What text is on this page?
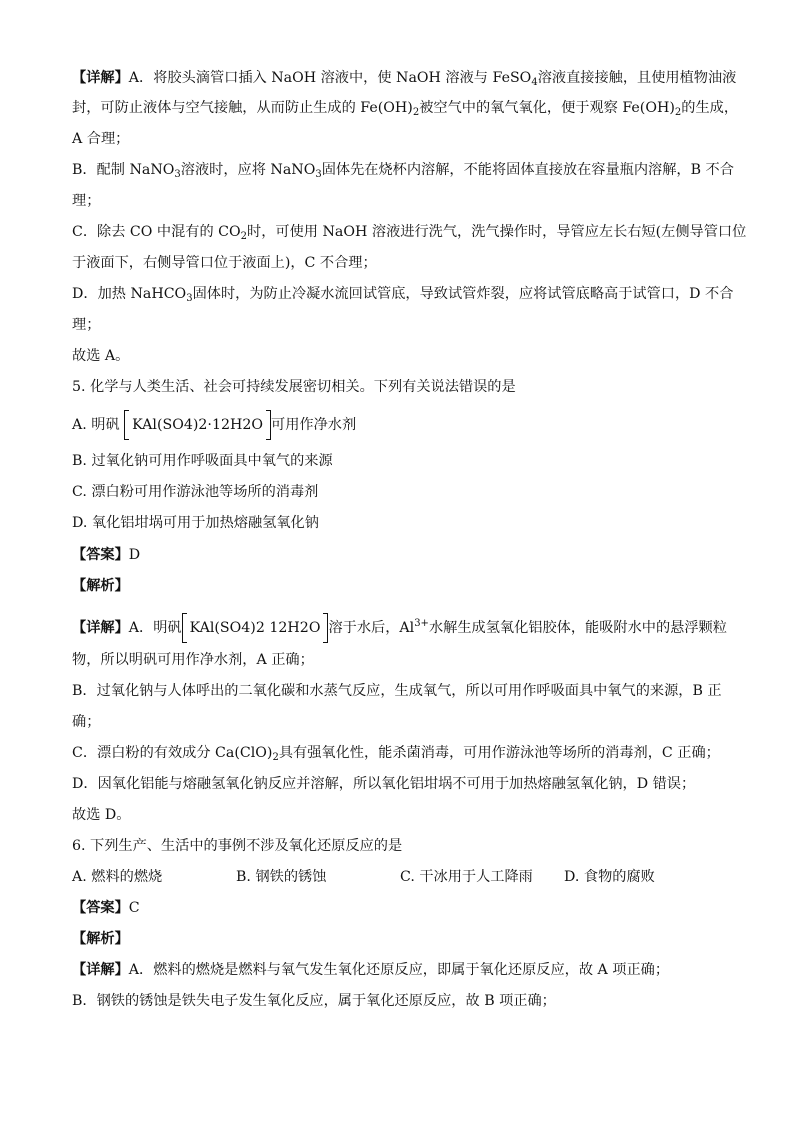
【详解】A．将胶头滴管口插入 NaOH 溶液中，使 NaOH 溶液与 FeSO$_4$溶液直接接触，且使用植物油液
封，可防止液体与空气接触，从而防止生成的 $Fe(OH)_2$被空气中的氧气氧化，便于观察 $Fe(OH)_2$的生成，
A 合理；
B．配制 NaNO$_3$溶液时，应将 NaNO$_3$固体先在烧杯内溶解，不能将固体直接放在容量瓶内溶解，B 不合
理；
C．除去 CO 中混有的 $CO_2$时，可使用 NaOH 溶液进行洗气，洗气操作时，导管应左长右短(左侧导管口位
于液面下，右侧导管口位于液面上)，C 不合理；
D．加热 NaHCO$_3$固体时，为防止冷凝水流回试管底，导致试管炸裂，应将试管底略高于试管口，D 不合
理；
故选 A。
5. 化学与人类生活、社会可持续发展密切相关。下列有关说法错误的是
A. 明矾 KAl(SO4)2·12H2O 可用作净水剂
B. 过氧化钠可用作呼吸面具中氧气的来源
C. 漂白粉可用作游泳池等场所的消毒剂
D. 氧化铝坩埚可用于加热熔融氢氧化钠
【答案】D
【解析】
【详解】A．明矾 KAl(SO4)2 12H2O 溶于水后，$Al^{3+}$水解生成氢氧化铝胶体，能吸附水中的悬浮颗粒
物，所以明矾可用作净水剂，A 正确；
B．过氧化钠与人体呼出的二氧化碳和水蒸气反应，生成氧气，所以可用作呼吸面具中氧气的来源，B 正
确；
C．漂白粉的有效成分 $Ca(ClO)_2$具有强氧化性，能杀菌消毒，可用作游泳池等场所的消毒剂，C 正确；
D．因氧化铝能与熔融氢氧化钠反应并溶解，所以氧化铝坩埚不可用于加热熔融氢氧化钠，D 错误；
故选 D。
6. 下列生产、生活中的事例不涉及氧化还原反应的是
A. 燃料的燃烧	B. 钢铁的锈蚀	C. 干冰用于人工降雨 D. 食物的腐败
【答案】C
【解析】
【详解】A．燃料的燃烧是燃料与氧气发生氧化还原反应，即属于氧化还原反应，故 A 项正确；
B．钢铁的锈蚀是铁失电子发生氧化反应，属于氧化还原反应，故 B 项正确；
